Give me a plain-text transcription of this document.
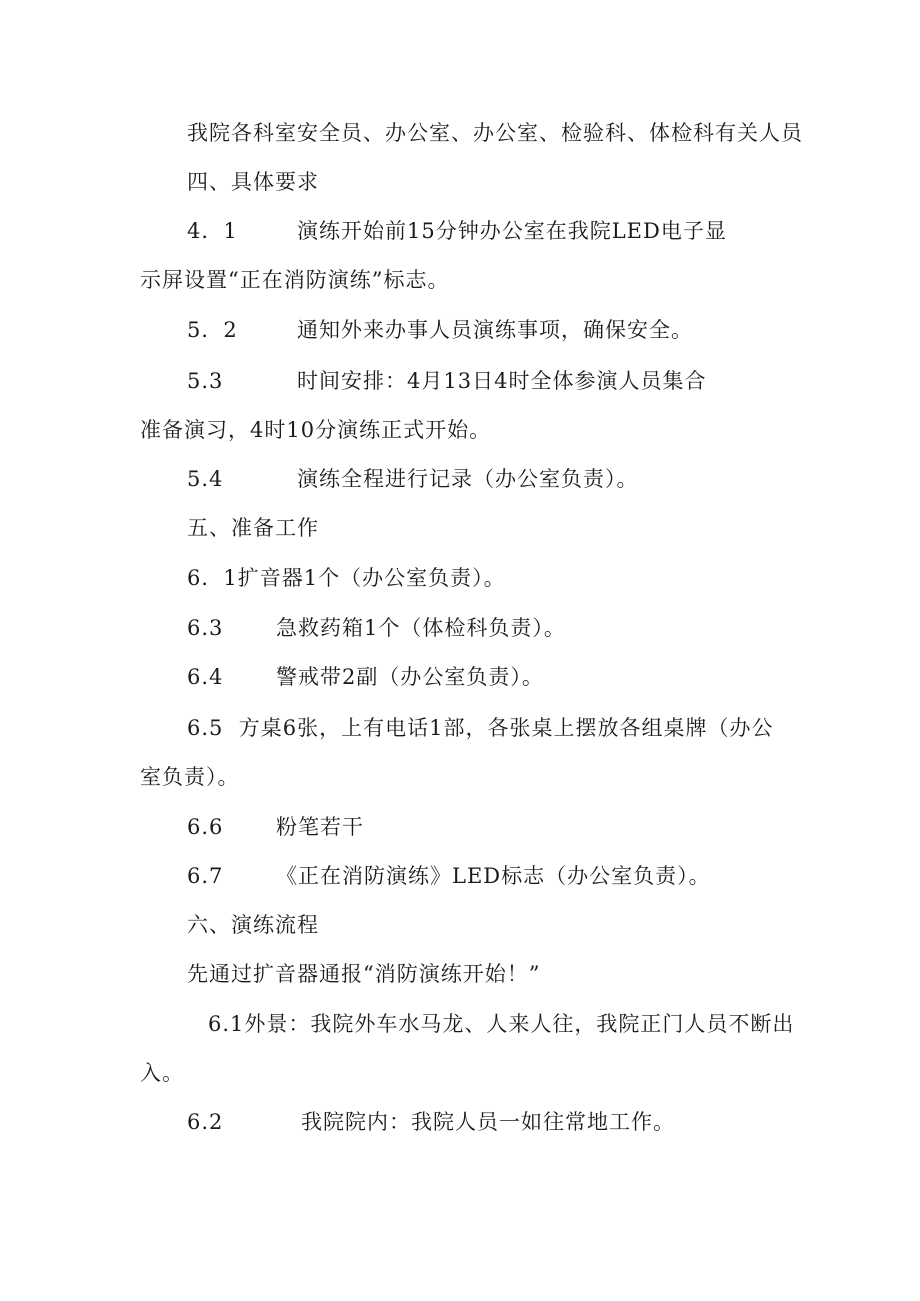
我院各科室安全员、办公室、办公室、检验科、体检科有关人员
四、具体要求
4．1	演练开始前15分钟办公室在我院LED电子显
示屏设置“正在消防演练”标志。
5．2	通知外来办事人员演练事项，确保安全。
5.3	时间安排：4月13日4时全体参演人员集合
准备演习，4时10分演练正式开始。
5.4	演练全程进行记录（办公室负责）。
五、准备工作
6．1扩音器1个（办公室负责）。
6.3	急救药箱1个（体检科负责）。
6.4	警戒带2副（办公室负责）。
6.5  方桌6张，上有电话1部，各张桌上摆放各组桌牌（办公
室负责）。
6.6	粉笔若干
6.7	《正在消防演练》LED标志（办公室负责）。
六、演练流程
先通过扩音器通报“消防演练开始！”
6.1外景：我院外车水马龙、人来人往，我院正门人员不断出
入。
6.2	我院院内：我院人员一如往常地工作。
